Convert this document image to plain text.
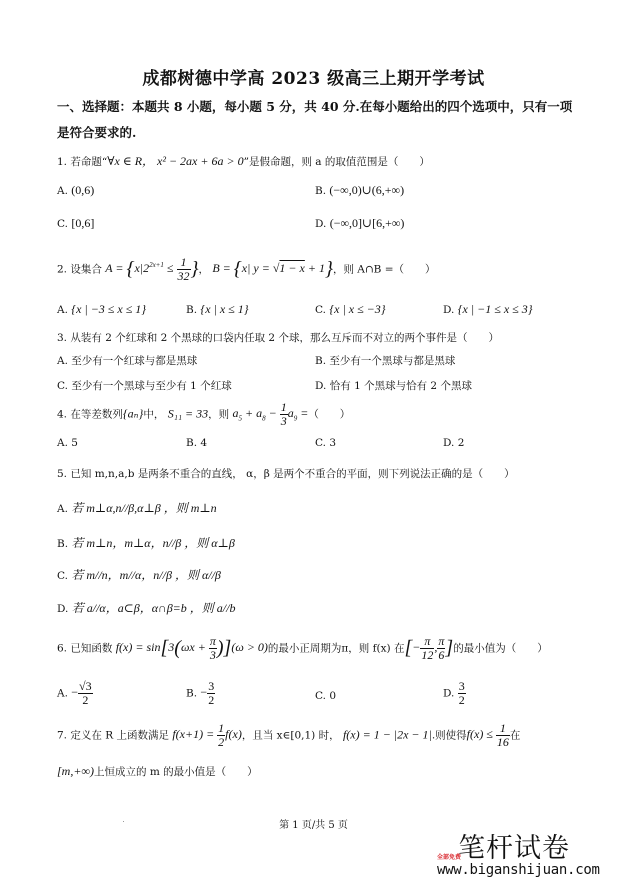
成都树德中学高 2023 级高三上期开学考试
一、选择题：本题共 8 小题，每小题 5 分，共 40 分.在每小题给出的四个选项中，只有一项
是符合要求的.
1. 若命题“∀x ∈ R， x² − 2ax + 6a > 0”是假命题，则 a 的取值范围是（　　）
A. (0,6)	B. (−∞,0)∪(6,+∞)
C. [0,6]	D. (−∞,0]∪[6,+∞)
2. 设集合 $A = \{x|2^{2x+1} \le \frac{1}{32}$ }， B = {x| y = √1 − x + 1}，则 A∩B =（　　）
A. {x | −3 ≤ x ≤ 1}	B. {x | x ≤ 1}	C. {x | x ≤ −3}	D. {x | −1 ≤ x ≤ 3}
3. 从装有 2 个红球和 2 个黑球的口袋内任取 2 个球，那么互斥而不对立的两个事件是（　　）
A. 至少有一个红球与都是黑球	B. 至少有一个黑球与都是黑球
C. 至少有一个黑球与至少有 1 个红球	D. 恰有 1 个黑球与恰有 2 个黑球
4. 在等差数列{aₙ}中， S₁₁ = 33，则 $a_5 + a_8 - \frac{1}{3} a_9$ =（　　）
A. 5	B. 4	C. 3	D. 2
5. 已知 m,n,a,b 是两条不重合的直线， α，β 是两个不重合的平面，则下列说法正确的是（　　）
A. 若 m⊥α,n//β,α⊥β ，则 m⊥n
B. 若 m⊥n，m⊥α，n//β ，则 α⊥β
C. 若 m//n，m//α，n//β ，则 α//β
D. 若 a//α，a⊂β，α∩β=b ，则 a//b
6. 已知函数 $f(x) = \sin[3(\omega x + \frac{\pi}{3} )](\omega > 0)$的最小正周期为π，则 f(x) 在[− $\frac{\pi}{12}$ , $\frac{\pi}{6}$ ]的最小值为（　　）
A. − $\frac{√3}{2}$	B. − $\frac{3}{2}$	C. 0	D. $\frac{3}{2}$
7. 定义在 R 上函数满足 $f(x+1) = \frac{1}{2} f(x)$，且当 x∈[0,1) 时， f(x) = 1 − |2x − 1|.则使得$f(x) \le \frac{1}{16}$ 在
[m,+∞)上恒成立的 m 的最小值是（　　）
第 1 页/共 5 页
笔杆试卷
全部免费
www.biganshijuan.com
